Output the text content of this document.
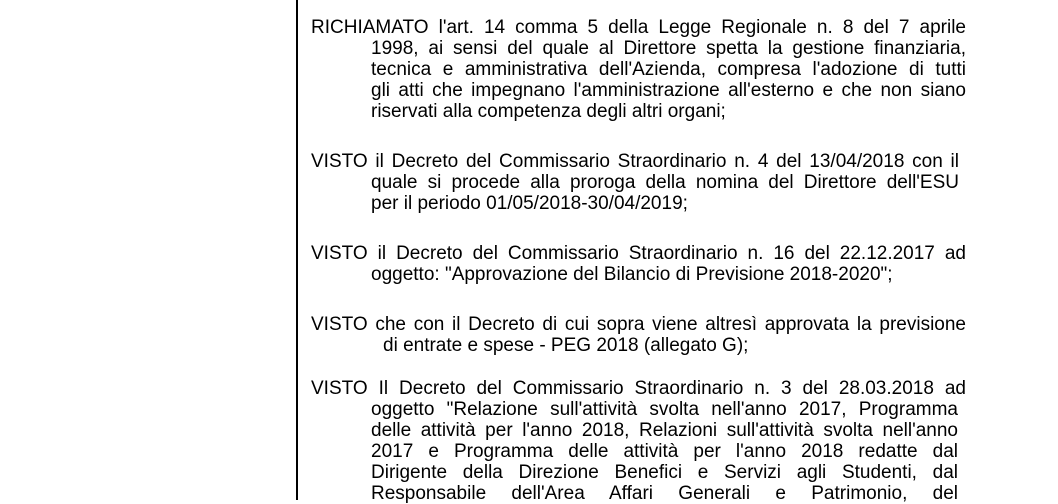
RICHIAMATO l'art. 14 comma 5 della Legge Regionale n. 8 del 7 aprile
1998, ai sensi del quale al Direttore spetta la gestione finanziaria,
tecnica e amministrativa dell'Azienda, compresa l'adozione di tutti
gli atti che impegnano l'amministrazione all'esterno e che non siano
riservati alla competenza degli altri organi;
VISTO il Decreto del Commissario Straordinario n. 4 del 13/04/2018 con il
quale si procede alla proroga della nomina del Direttore dell'ESU
per il periodo 01/05/2018-30/04/2019;
VISTO il Decreto del Commissario Straordinario n. 16 del 22.12.2017 ad
oggetto: "Approvazione del Bilancio di Previsione 2018-2020";
VISTO che con il Decreto di cui sopra viene altresì approvata la previsione
di entrate e spese - PEG 2018 (allegato G);
VISTO Il Decreto del Commissario Straordinario n. 3 del 28.03.2018 ad
oggetto "Relazione sull'attività svolta nell'anno 2017, Programma
delle attività per l'anno 2018, Relazioni sull'attività svolta nell'anno
2017 e Programma delle attività per l'anno 2018 redatte dal
Dirigente della Direzione Benefici e Servizi agli Studenti, dal
Responsabile dell'Area Affari Generali e Patrimonio, del
